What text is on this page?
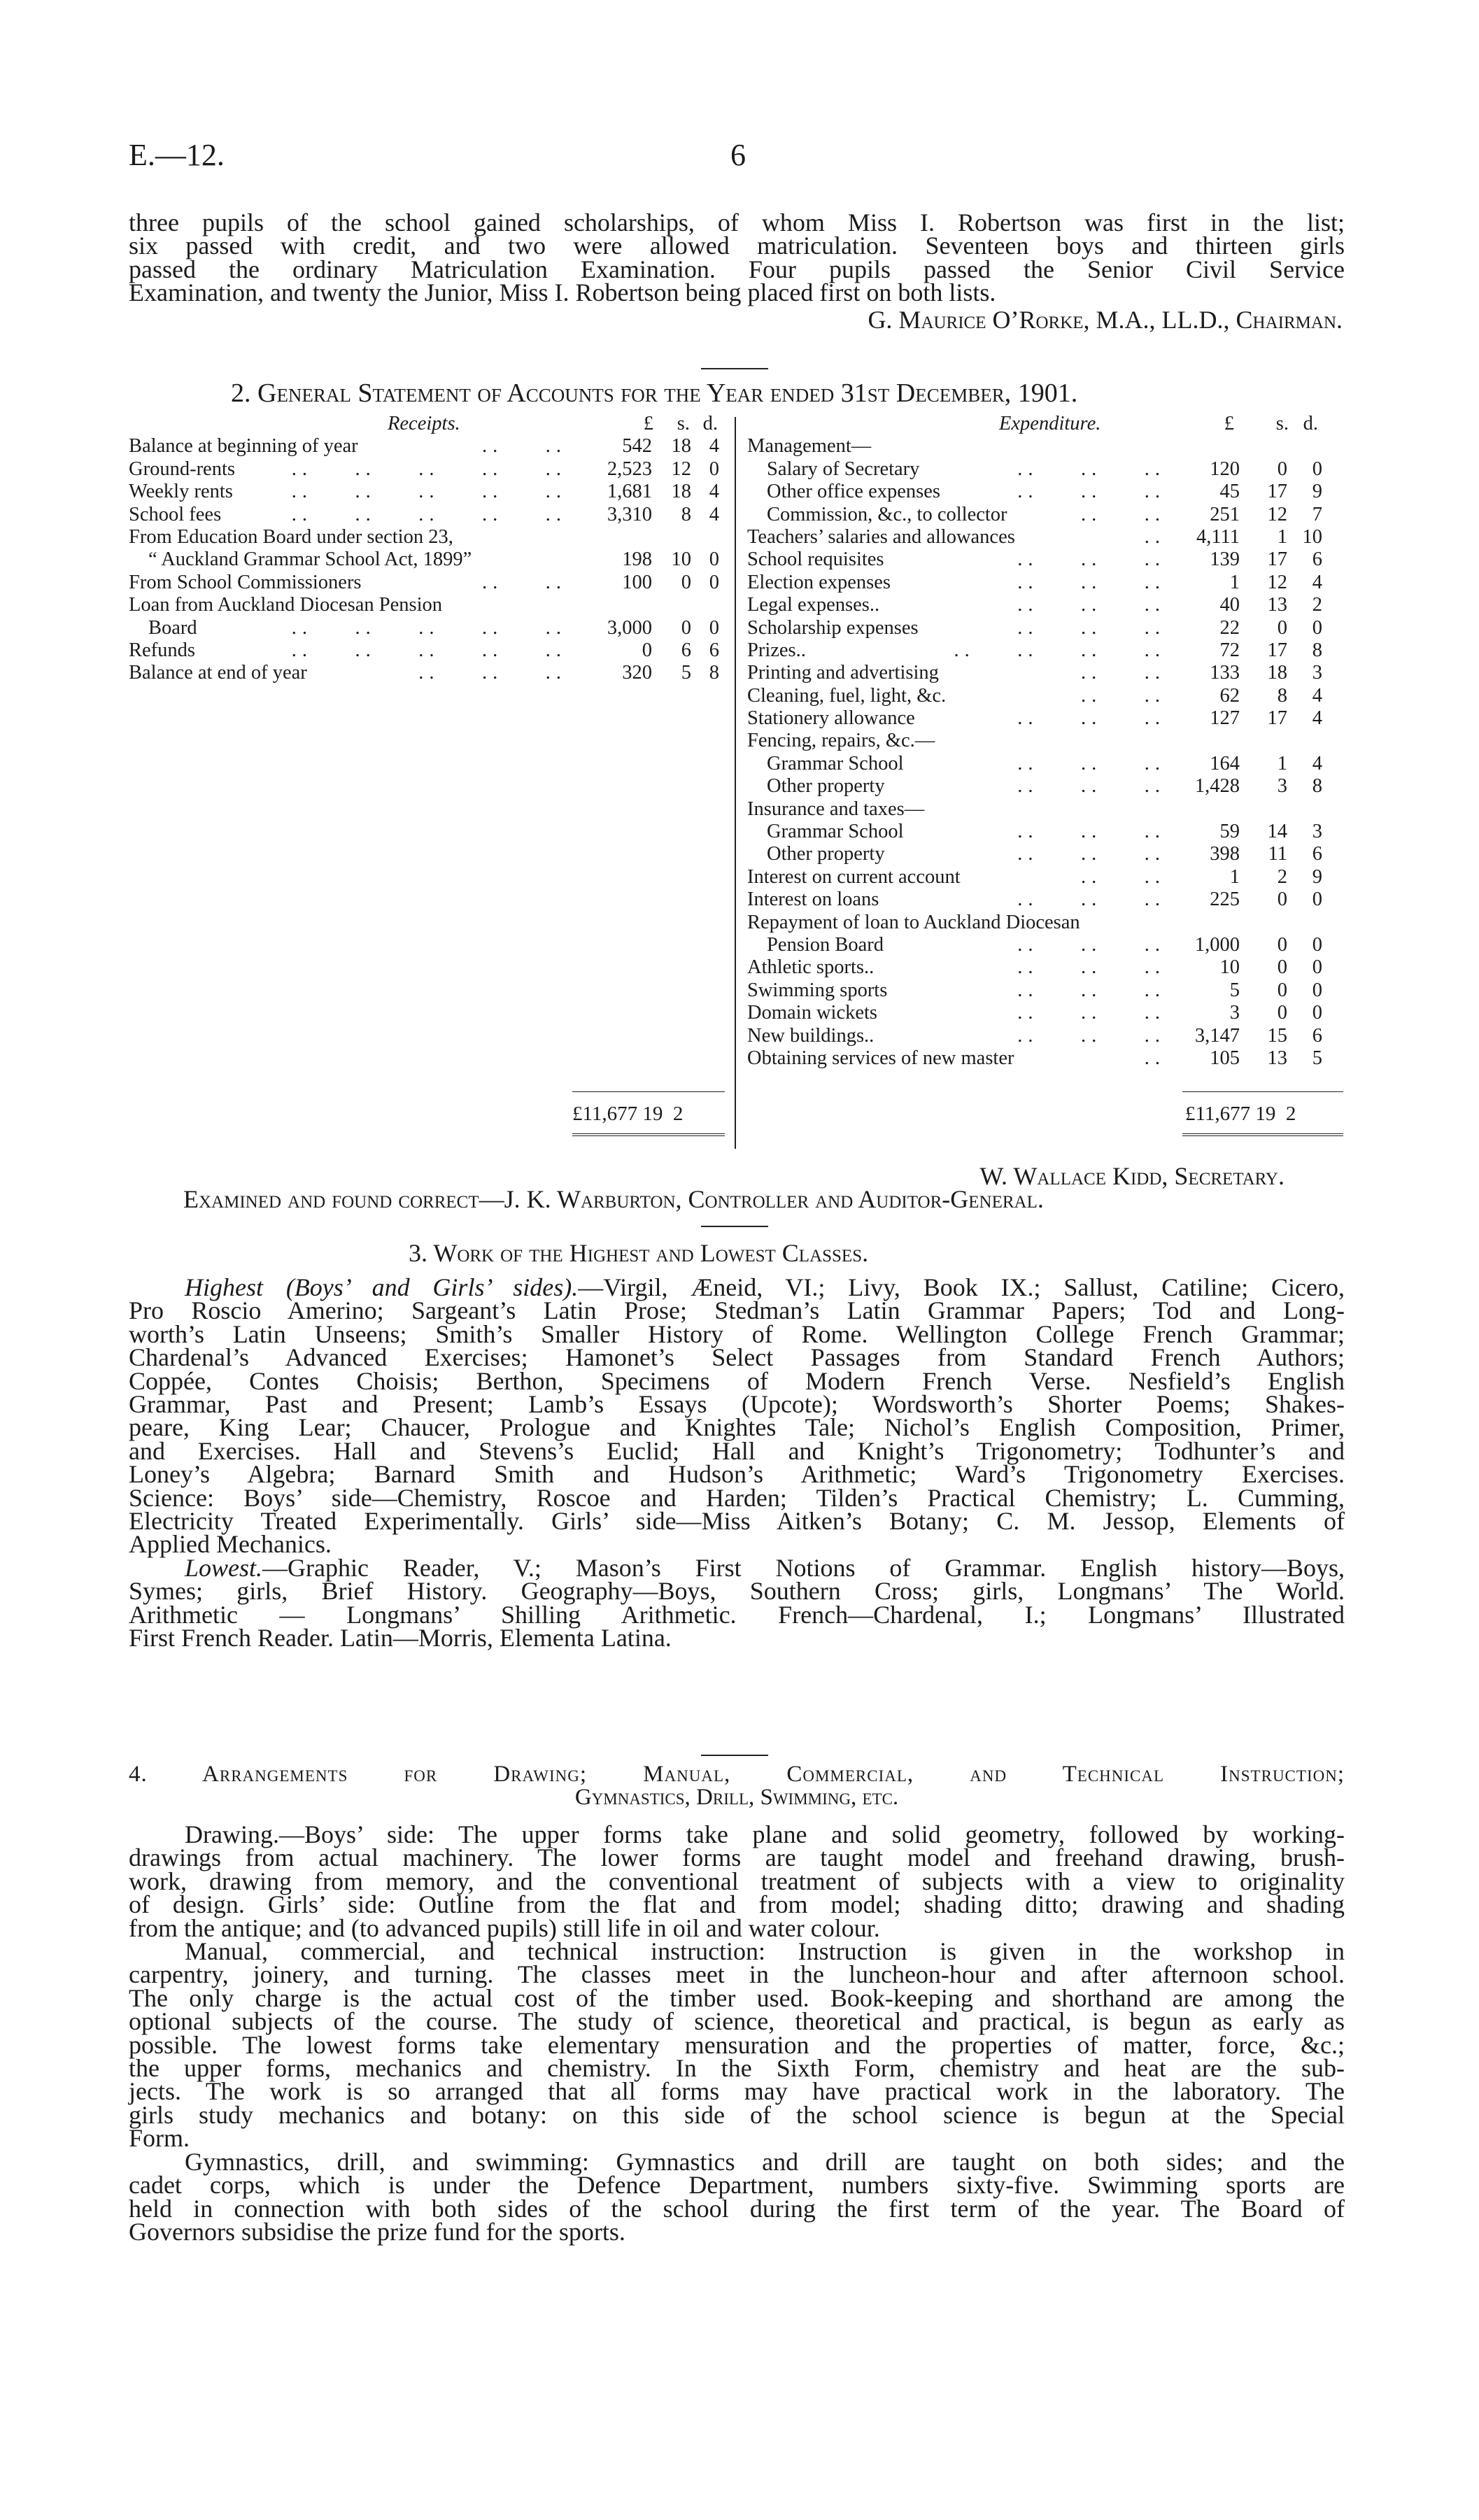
E.—12.	6
three pupils of the school gained scholarships, of whom Miss I. Robertson was first in the list;
six passed with credit, and two were allowed matriculation. Seventeen boys and thirteen girls
passed the ordinary Matriculation Examination. Four pupils passed the Senior Civil Service
Examination, and twenty the Junior, Miss I. Robertson being placed first on both lists.
G. Maurice O’Rorke, M.A., LL.D., Chairman.
2. General Statement of Accounts for the Year ended 31st December, 1901.
Receipts.	£	s. d.
Balance at beginning of year	..    ..	542 18 4
Ground-rents	..    ..    ..    ..    ..	2,523 12 0
Weekly rents	..    ..    ..    ..    ..	1,681 18 4
School fees	..    ..    ..    ..    ..	3,310	8 4
From Education Board under section 23,
“ Auckland Grammar School Act, 1899”	198 10 0
From School Commissioners	..    ..	100	0 0
Loan from Auckland Diocesan Pension
Board	..    ..    ..    ..    ..	3,000	0 0
Refunds	..    ..    ..    ..    ..	0	6 6
Balance at end of year	..    ..    ..	320	5 8
Expenditure.	£	s. d.
Management—
Salary of Secretary	..    ..    ..	120	0	0
Other office expenses	..    ..    ..	45	17	9
Commission, &c., to collector	..    ..	251	12	7
Teachers’ salaries and allowances	..	4,111	1 10
School requisites	..    ..    ..	139	17	6
Election expenses	..    ..    ..	1	12	4
Legal expenses..	..    ..    ..	40	13	2
Scholarship expenses	..    ..    ..	22	0	0
Prizes..	..    ..    ..    ..	72	17	8
Printing and advertising	..    ..	133	18	3
Cleaning, fuel, light, &c.	..    ..	62	8	4
Stationery allowance	..    ..    ..	127	17	4
Fencing, repairs, &c.—
Grammar School	..    ..    ..	164	1	4
Other property	..    ..    ..	1,428	3	8
Insurance and taxes—
Grammar School	..    ..    ..	59	14	3
Other property	..    ..    ..	398	11	6
Interest on current account	..    ..	1	2	9
Interest on loans	..    ..    ..	225	0	0
Repayment of loan to Auckland Diocesan
Pension Board	..    ..    ..	1,000	0	0
Athletic sports..	..    ..    ..	10	0	0
Swimming sports	..    ..    ..	5	0	0
Domain wickets	..    ..    ..	3	0	0
New buildings..	..    ..    ..	3,147	15	6
Obtaining services of new master	..	105	13	5
£11,677 19  2	£11,677 19  2
W. Wallace Kidd, Secretary.
Examined and found correct—J. K. Warburton, Controller and Auditor-General.
3. Work of the Highest and Lowest Classes.
Highest (Boys’ and Girls’ sides).—Virgil, Æneid, VI.; Livy, Book IX.; Sallust, Catiline; Cicero,
Pro Roscio Amerino; Sargeant’s Latin Prose; Stedman’s Latin Grammar Papers; Tod and Long-
worth’s Latin Unseens; Smith’s Smaller History of Rome. Wellington College French Grammar;
Chardenal’s Advanced Exercises; Hamonet’s Select Passages from Standard French Authors;
Coppée, Contes Choisis; Berthon, Specimens of Modern French Verse. Nesfield’s English
Grammar, Past and Present; Lamb’s Essays (Upcote); Wordsworth’s Shorter Poems; Shakes-
peare, King Lear; Chaucer, Prologue and Knightes Tale; Nichol’s English Composition, Primer,
and Exercises. Hall and Stevens’s Euclid; Hall and Knight’s Trigonometry; Todhunter’s and
Loney’s Algebra; Barnard Smith and Hudson’s Arithmetic; Ward’s Trigonometry Exercises.
Science: Boys’ side—Chemistry, Roscoe and Harden; Tilden’s Practical Chemistry; L. Cumming,
Electricity Treated Experimentally. Girls’ side—Miss Aitken’s Botany; C. M. Jessop, Elements of
Applied Mechanics.
Lowest.—Graphic Reader, V.; Mason’s First Notions of Grammar. English history—Boys,
Symes; girls, Brief History. Geography—Boys, Southern Cross; girls, Longmans’ The World.
Arithmetic — Longmans’ Shilling Arithmetic. French—Chardenal, I.; Longmans’ Illustrated
First French Reader. Latin—Morris, Elementa Latina.
4. Arrangements for Drawing; Manual, Commercial, and Technical Instruction;
Gymnastics, Drill, Swimming, etc.
Drawing.—Boys’ side: The upper forms take plane and solid geometry, followed by working-
drawings from actual machinery. The lower forms are taught model and freehand drawing, brush-
work, drawing from memory, and the conventional treatment of subjects with a view to originality
of design. Girls’ side: Outline from the flat and from model; shading ditto; drawing and shading
from the antique; and (to advanced pupils) still life in oil and water colour.
Manual, commercial, and technical instruction: Instruction is given in the workshop in
carpentry, joinery, and turning. The classes meet in the luncheon-hour and after afternoon school.
The only charge is the actual cost of the timber used. Book-keeping and shorthand are among the
optional subjects of the course. The study of science, theoretical and practical, is begun as early as
possible. The lowest forms take elementary mensuration and the properties of matter, force, &c.;
the upper forms, mechanics and chemistry. In the Sixth Form, chemistry and heat are the sub-
jects. The work is so arranged that all forms may have practical work in the laboratory. The
girls study mechanics and botany: on this side of the school science is begun at the Special
Form.
Gymnastics, drill, and swimming: Gymnastics and drill are taught on both sides; and the
cadet corps, which is under the Defence Department, numbers sixty-five. Swimming sports are
held in connection with both sides of the school during the first term of the year. The Board of
Governors subsidise the prize fund for the sports.
